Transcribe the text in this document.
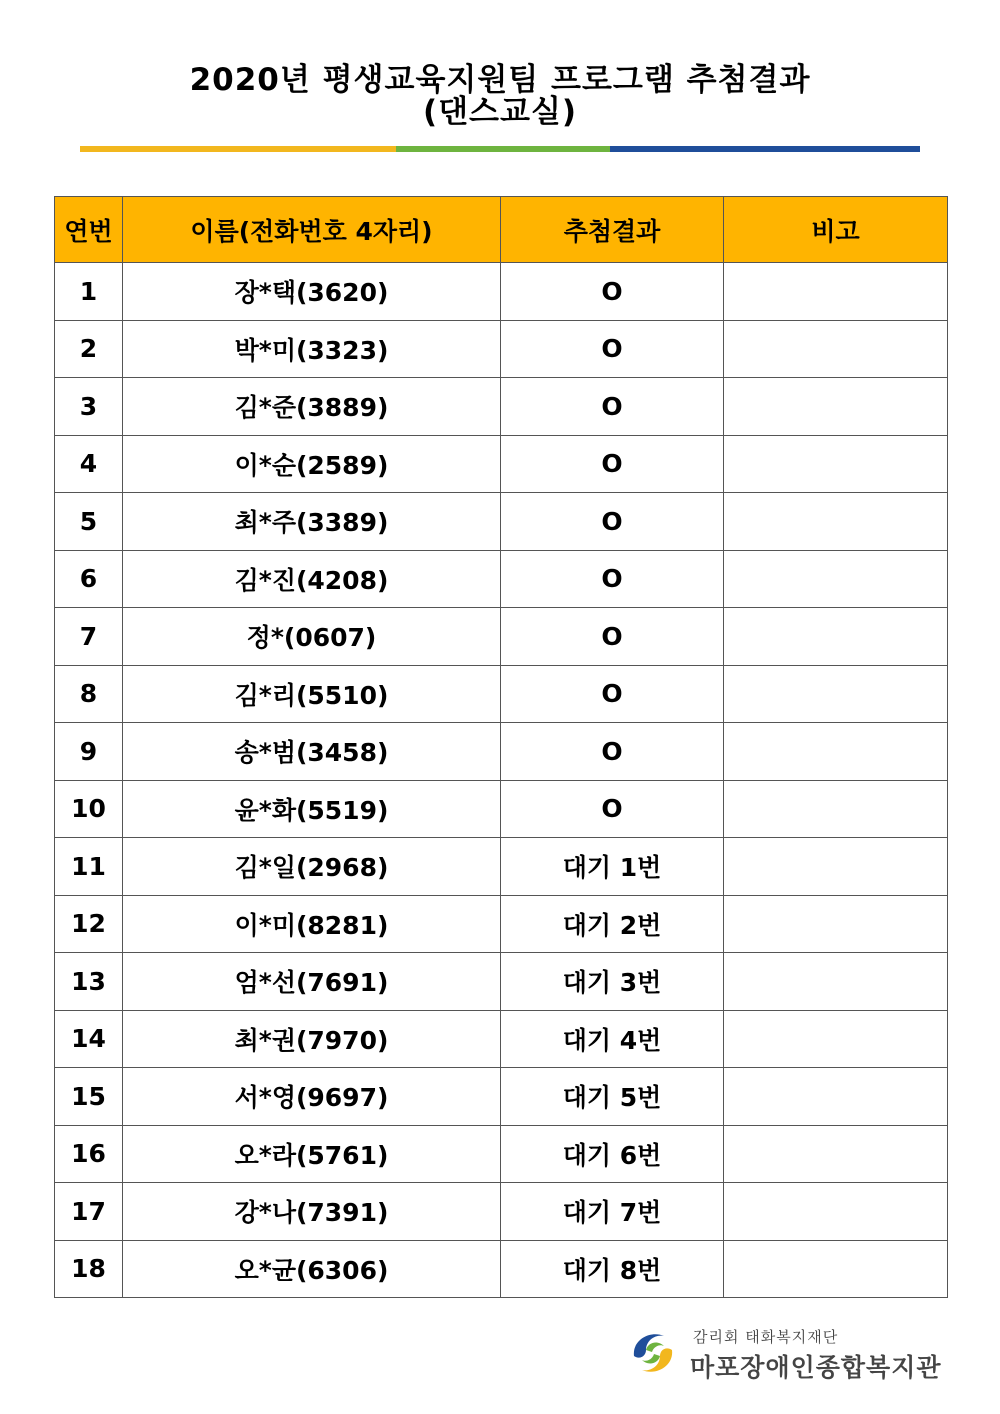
2020년 평생교육지원팀 프로그램 추첨결과
(댄스교실)
연번	이름(전화번호 4자리)	추첨결과	비고
1	장*택(3620)	O	
2	박*미(3323)	O	
3	김*준(3889)	O	
4	이*순(2589)	O	
5	최*주(3389)	O	
6	김*진(4208)	O	
7	정*(0607)	O	
8	김*리(5510)	O	
9	송*범(3458)	O	
10	윤*화(5519)	O	
11	김*일(2968)	대기 1번	
12	이*미(8281)	대기 2번	
13	엄*선(7691)	대기 3번	
14	최*권(7970)	대기 4번	
15	서*영(9697)	대기 5번	
16	오*라(5761)	대기 6번	
17	강*나(7391)	대기 7번	
18	오*균(6306)	대기 8번	
감리회 태화복지재단
마포장애인종합복지관
